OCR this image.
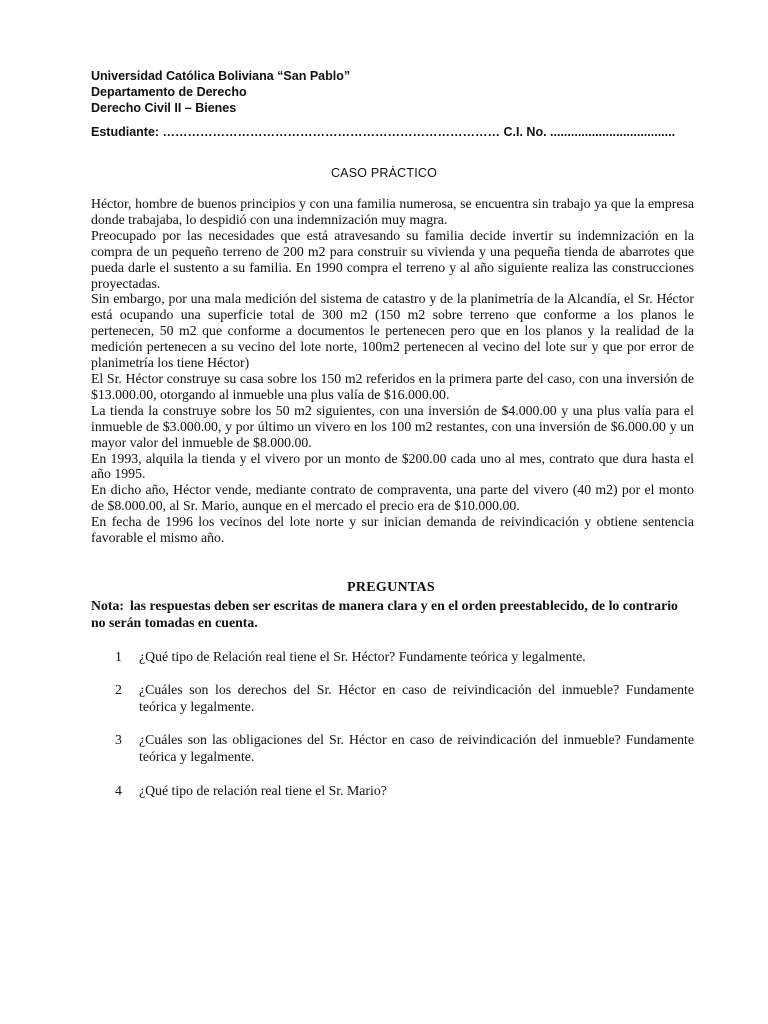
Universidad Católica Boliviana “San Pablo”
Departamento de Derecho
Derecho Civil II – Bienes
Estudiante: ……………………………………………………………………… C.I. No. ....................................
CASO PRÁCTICO

Héctor, hombre de buenos principios y con una familia numerosa, se encuentra sin trabajo ya que la empresa donde trabajaba, lo despidió con una indemnización muy magra.

Preocupado por las necesidades que está atravesando su familia decide invertir su indemnización en la compra de un pequeño terreno de 200 m2 para construir su vivienda y una pequeña tienda de abarrotes que pueda darle el sustento a su familia. En 1990 compra el terreno y al año siguiente realiza las construcciones proyectadas.

Sin embargo, por una mala medición del sistema de catastro y de la planimetría de la Alcandía, el Sr. Héctor está ocupando una superficie total de 300 m2 (150 m2 sobre terreno que conforme a los planos le pertenecen, 50 m2 que conforme a documentos le pertenecen pero que en los planos y la realidad de la medición pertenecen a su vecino del lote norte, 100m2 pertenecen al vecino del lote sur y que por error de planimetría los tiene Héctor)

El Sr. Héctor construye su casa sobre los 150 m2 referidos en la primera parte del caso, con una inversión de $13.000.00, otorgando al inmueble una plus valía de $16.000.00.

La tienda la construye sobre los 50 m2 siguientes, con una inversión de $4.000.00 y una plus valía para el inmueble de $3.000.00, y por último un vivero en los 100 m2 restantes, con una inversión de $6.000.00 y un mayor valor del inmueble de $8.000.00.

En 1993, alquila la tienda y el vivero por un monto de $200.00 cada uno al mes, contrato que dura hasta el año 1995.

En dicho año, Héctor vende, mediante contrato de compraventa, una parte del vivero (40 m2) por el monto de $8.000.00, al Sr. Mario, aunque en el mercado el precio era de $10.000.00.

En fecha de 1996 los vecinos del lote norte y sur inician demanda de reivindicación y obtiene sentencia favorable el mismo año.

PREGUNTAS
Nota: las respuestas deben ser escritas de manera clara y en el orden preestablecido, de lo contrario no serán tomadas en cuenta.
1 ¿Qué tipo de Relación real tiene el Sr. Héctor? Fundamente teórica y legalmente.
2 ¿Cuáles son los derechos del Sr. Héctor en caso de reivindicación del inmueble? Fundamente teórica y legalmente.
3 ¿Cuáles son las obligaciones del Sr. Héctor en caso de reivindicación del inmueble? Fundamente teórica y legalmente.
4 ¿Qué tipo de relación real tiene el Sr. Mario?
